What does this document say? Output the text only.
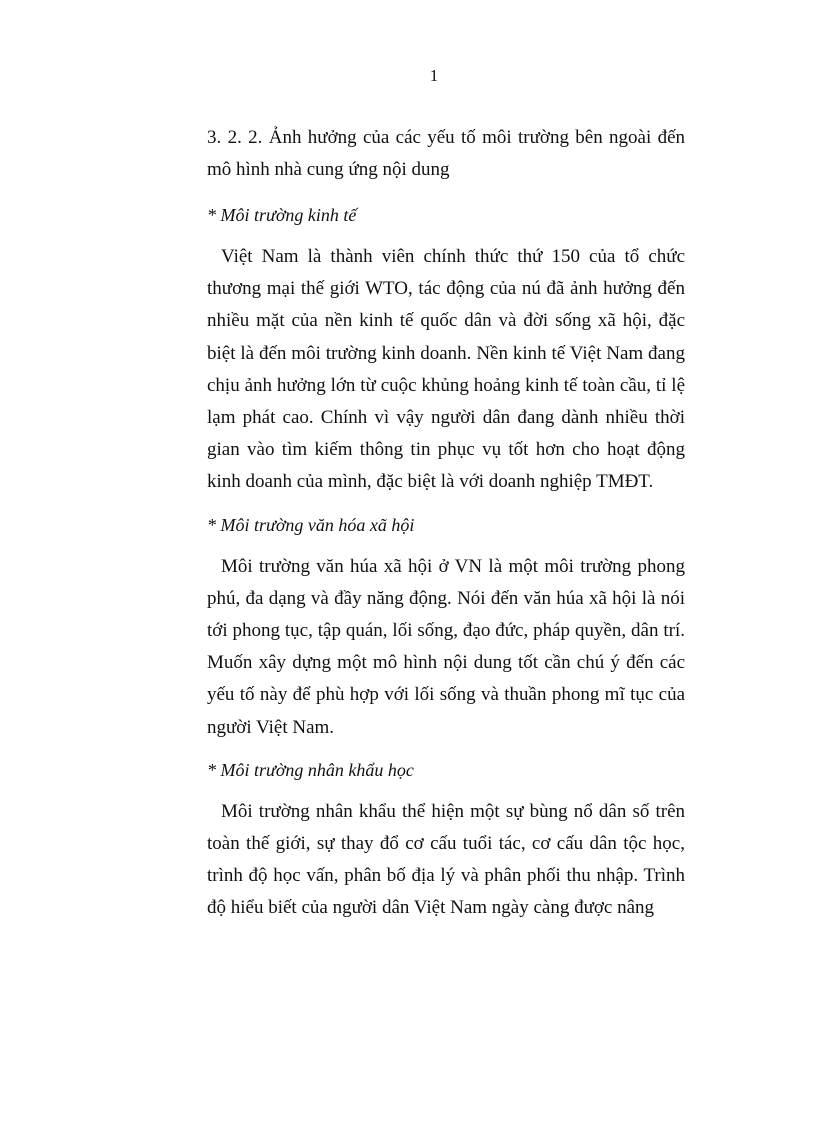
1

3. 2. 2. Ảnh hưởng của các yếu tố môi trường bên ngoài đến mô hình nhà cung ứng nội dung

* Môi trường kinh tế

Việt Nam là thành viên chính thức thứ 150 của tổ chức thương mại thế giới WTO, tác động của nú đã ảnh hưởng đến nhiều mặt của nền kinh tế quốc dân và đời sống xã hội, đặc biệt là đến môi trường kinh doanh. Nền kinh tế Việt Nam đang chịu ảnh hưởng lớn từ cuộc khủng hoảng kinh tế toàn cầu, tỉ lệ lạm phát cao. Chính vì vậy người dân đang dành nhiều thời gian vào tìm kiếm thông tin phục vụ tốt hơn cho hoạt động kinh doanh của mình, đặc biệt là với doanh nghiệp TMĐT.

* Môi trường văn hóa xã hội

Môi trường văn húa xã hội ở VN là một môi trường phong phú, đa dạng và đầy năng động. Nói đến văn húa xã hội là nói tới phong tục, tập quán, lối sống, đạo đức, pháp quyền, dân trí. Muốn xây dựng một mô hình nội dung tốt cần chú ý đến các yếu tố này để phù hợp với lối sống và thuần phong mĩ tục của người Việt Nam.

* Môi trường nhân khẩu học

Môi trường nhân khẩu thể hiện một sự bùng nổ dân số trên toàn thế giới, sự thay đổ cơ cấu tuổi tác, cơ cấu dân tộc học, trình độ học vấn, phân bố địa lý và phân phối thu nhập. Trình độ hiểu biết của người dân Việt Nam ngày càng được nâng
